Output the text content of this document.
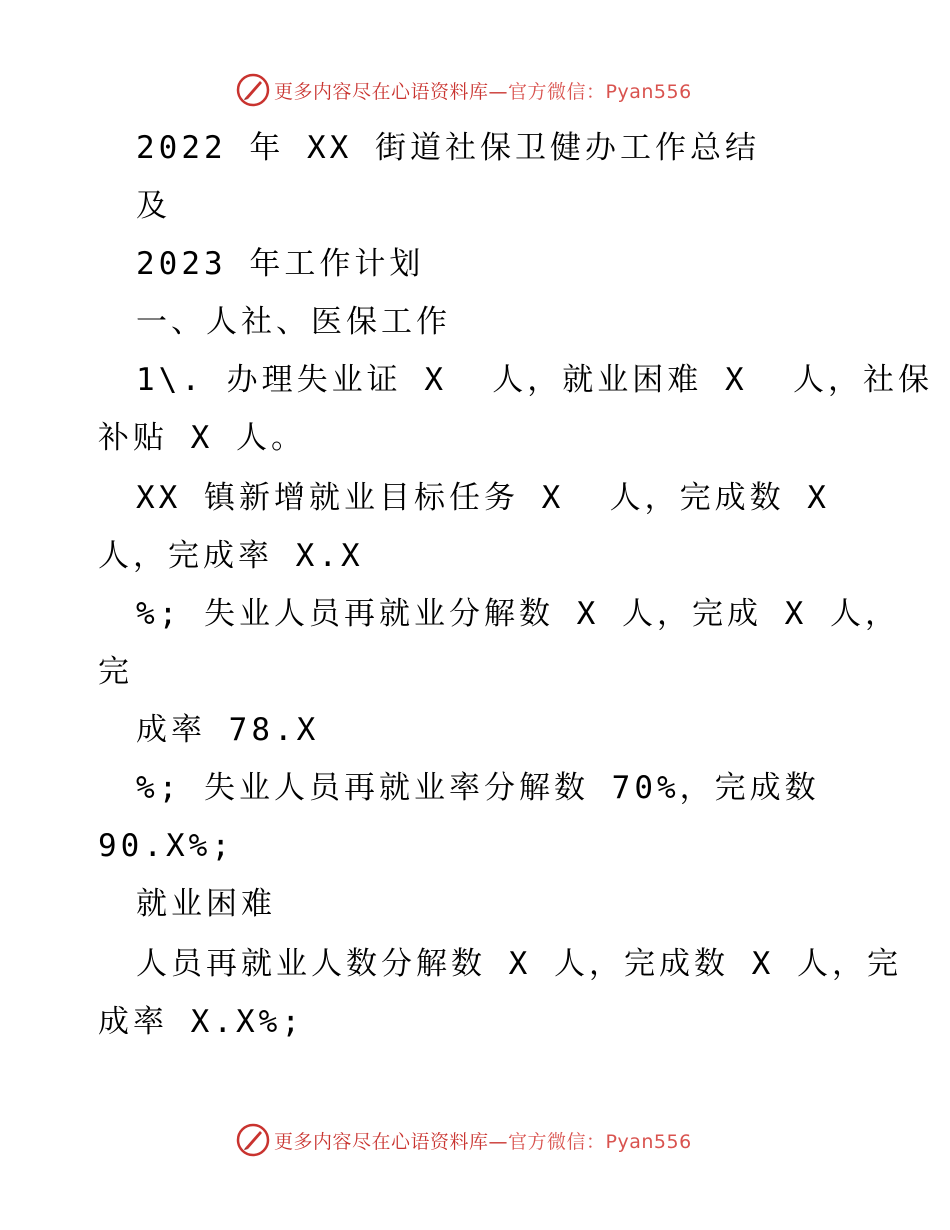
更多内容尽在心语资料库—官方微信：Pyan556
2022 年 XX 街道社保卫健办工作总结
及
2023 年工作计划
一、人社、医保工作
1\. 办理失业证 X  人，就业困难 X  人，社保
补贴 X 人。
XX 镇新增就业目标任务 X  人，完成数 X
人，完成率 X.X
%; 失业人员再就业分解数 X 人，完成 X 人，
完
成率 78.X
%; 失业人员再就业率分解数 70%，完成数
90.X%;
就业困难
人员再就业人数分解数 X 人，完成数 X 人，完
成率 X.X%;
更多内容尽在心语资料库—官方微信：Pyan556
